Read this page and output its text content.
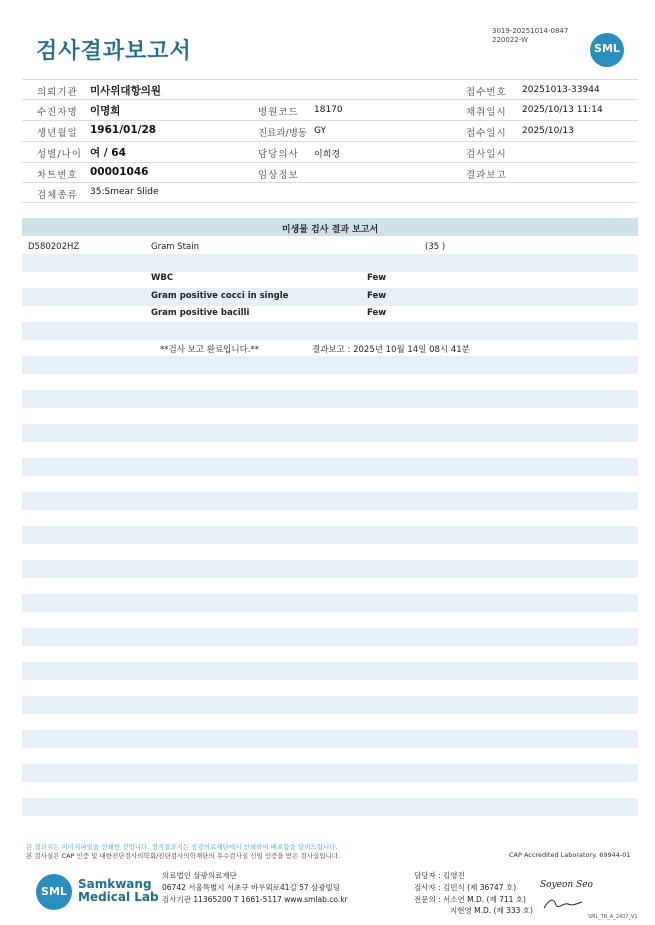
검사결과보고서
3019-20251014-0847
220022-W
SML
의뢰기관 미사위대항의원
수진자명 이명희
생년월일 1961/01/28
성별/나이 여 / 64
차트번호 00001046
검체종류 35:Smear Slide
병원코드 18170
진료과/병동 GY
담당의사 이희경
임상정보
접수번호 20251013-33944
채취일시 2025/10/13 11:14
접수일시 2025/10/13
검사일시
결과보고
미생물 검사 결과 보고서
D580202HZ	Gram Stain	(35 )
WBC	Few
Gram positive cocci in single	Few
Gram positive bacilli	Few
**검사 보고 완료입니다.**	결과보고 : 2025년 10월 14일 08시 41분
본 결과지는 이미지파일을 인쇄한 것입니다. 정식결과지는 삼광의료재단에서 인쇄하여 배포함을 알려드립니다.
본 검사실은 CAP 인증 및 대한진단검사의학회/진단검사의학재단의 우수검사실 신임 인증을 받은 검사실입니다.	CAP Accredited Laboratory. 69944-01
SML
Samkwang
Medical Lab
의료법인 삼광의료재단
06742 서울특별시 서초구 바우뫼로41길 57 삼광빌딩
검사기관 11365200 T 1661-5117 www.smlab.co.kr
담당자 : 김영진
검사자 : 김민식 (제 36747 호)
전문의 : 서소연 M.D. (제 711 호)
지현영 M.D. (제 333 호)
Soyeon Seo
SML_TR_A_2407_V1
